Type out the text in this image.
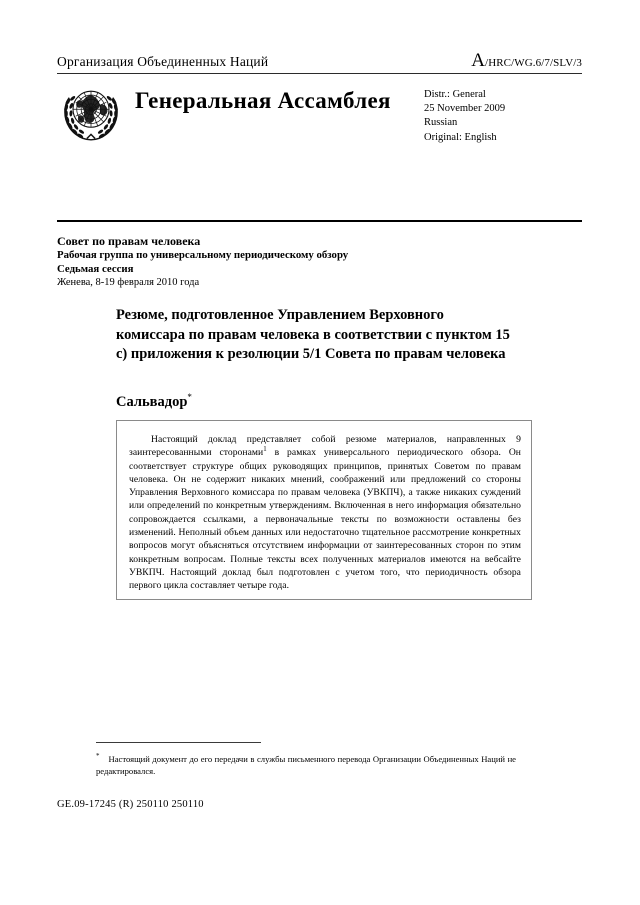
Организация Объединенных Наций	A/HRC/WG.6/7/SLV/3
Генеральная Ассамблея	Distr.: General
25 November 2009
Russian
Original: English
Совет по правам человека
Рабочая группа по универсальному периодическому обзору
Седьмая сессия
Женева, 8-19 февраля 2010 года
Резюме, подготовленное Управлением Верховного комиссара по правам человека в соответствии с пунктом 15 c) приложения к резолюции 5/1 Совета по правам человека
Сальвадор*
Настоящий доклад представляет собой резюме материалов, направленных 9 заинтересованными сторонами$^1$ в рамках универсального периодического обзора. Он соответствует структуре общих руководящих принципов, принятых Советом по правам человека. Он не содержит никаких мнений, соображений или предложений со стороны Управления Верховного комиссара по правам человека (УВКПЧ), а также никаких суждений или определений по конкретным утверждениям. Включенная в него информация обязательно сопровождается ссылками, а первоначальные тексты по возможности оставлены без изменений. Неполный объем данных или недостаточно тщательное рассмотрение конкретных вопросов могут объясняться отсутствием информации от заинтересованных сторон по этим конкретным вопросам. Полные тексты всех полученных материалов имеются на вебсайте УВКПЧ. Настоящий доклад был подготовлен с учетом того, что периодичность обзора первого цикла составляет четыре года.
* Настоящий документ до его передачи в службы письменного перевода Организации Объединенных Наций не редактировался.
GE.09-17245 (R) 250110 250110
